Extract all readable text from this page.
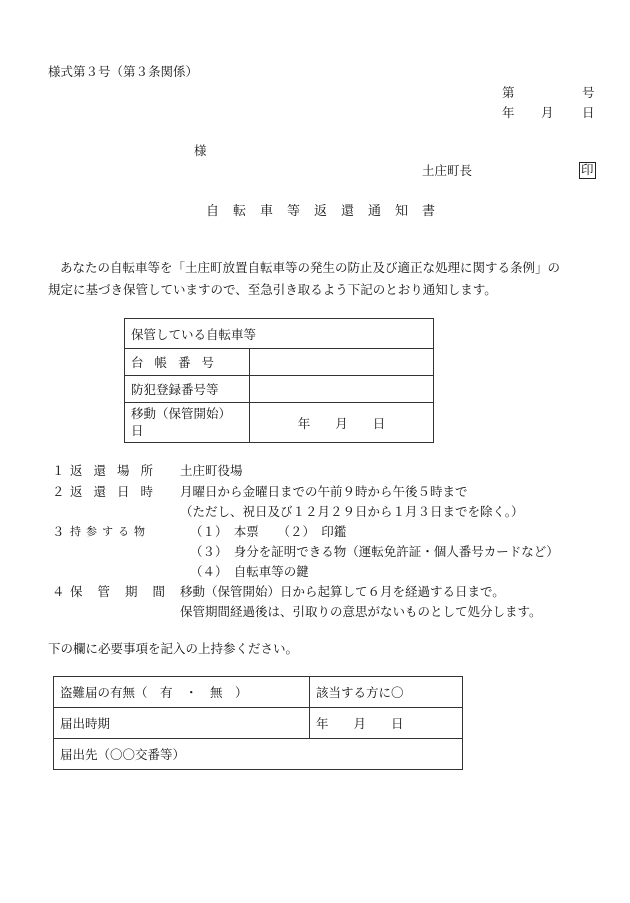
様式第３号（第３条関係）
第	号
年 月 日
様
土庄町長	印
自転車等返還通知書
あなたの自転車等を「土庄町放置自転車等の発生の防止及び適正な処理に関する条例」の
規定に基づき保管していますので、至急引き取るよう下記のとおり通知します。
保管している自転車等	
台帳番号	
防犯登録番号等	

移動（保管開始）
日	年　　月　　日
１ 返還場所 土庄町役場
２ 返還日時 月曜日から金曜日までの午前９時から午後５時まで
（ただし、祝日及び１２月２９日から１月３日までを除く。）
３ 持参する物	（１）　本票　　（２）　印鑑
（３）　身分を証明できる物（運転免許証・個人番号カードなど）
（４）　自転車等の鍵
４ 保管期間 移動（保管開始）日から起算して６月を経過する日まで。
保管期間経過後は、引取りの意思がないものとして処分します。
下の欄に必要事項を記入の上持参ください。
盗難届の有無（　有　・　無　）	該当する方に〇
届出時期	年　　月　　日
届出先（〇〇交番等）	
